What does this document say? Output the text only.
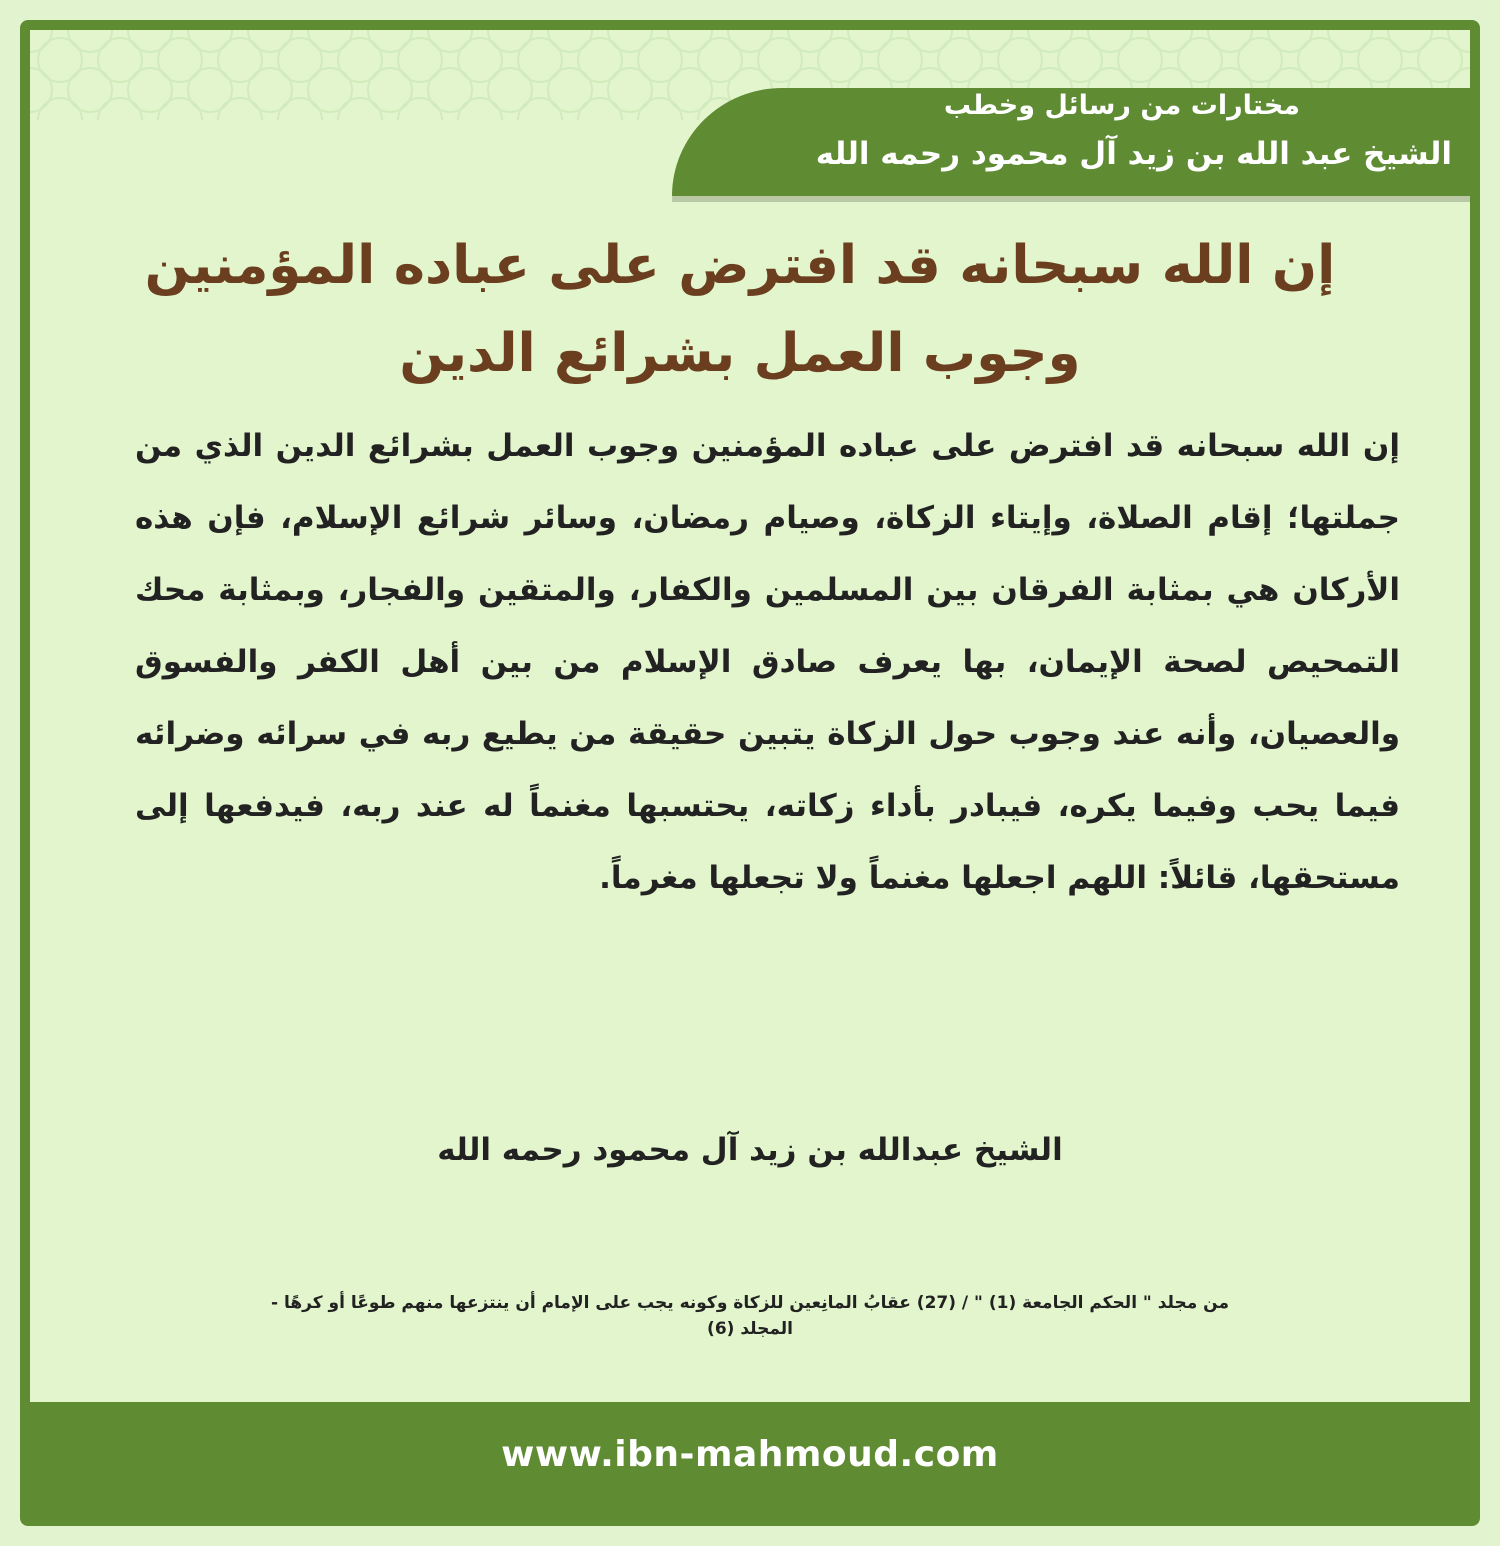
مختارات من رسائل وخطب
الشيخ عبد الله بن زيد آل محمود رحمه الله
إن الله سبحانه قد افترض على عباده المؤمنين
وجوب العمل بشرائع الدين
إن الله سبحانه قد افترض على عباده المؤمنين وجوب العمل بشرائع الدين الذي من جملتها؛ إقام الصلاة، وإيتاء الزكاة، وصيام رمضان، وسائر شرائع الإسلام، فإن هذه الأركان هي بمثابة الفرقان بين المسلمين والكفار، والمتقين والفجار، وبمثابة محك التمحيص لصحة الإيمان، بها يعرف صادق الإسلام من بين أهل الكفر والفسوق والعصيان، وأنه عند وجوب حول الزكاة يتبين حقيقة من يطيع ربه في سرائه وضرائه فيما يحب وفيما يكره، فيبادر بأداء زكاته، يحتسبها مغنماً له عند ربه، فيدفعها إلى مستحقها، قائلاً: اللهم اجعلها مغنماً ولا تجعلها مغرماً.
الشيخ عبدالله بن زيد آل محمود رحمه الله
من مجلد " الحكم الجامعة (1) " / (27) عقابُ المانِعين للزكاة وكونه يجب على الإمام أن ينتزعها منهم طوعًا أو كرهًا -
المجلد (6)
www.ibn-mahmoud.com
